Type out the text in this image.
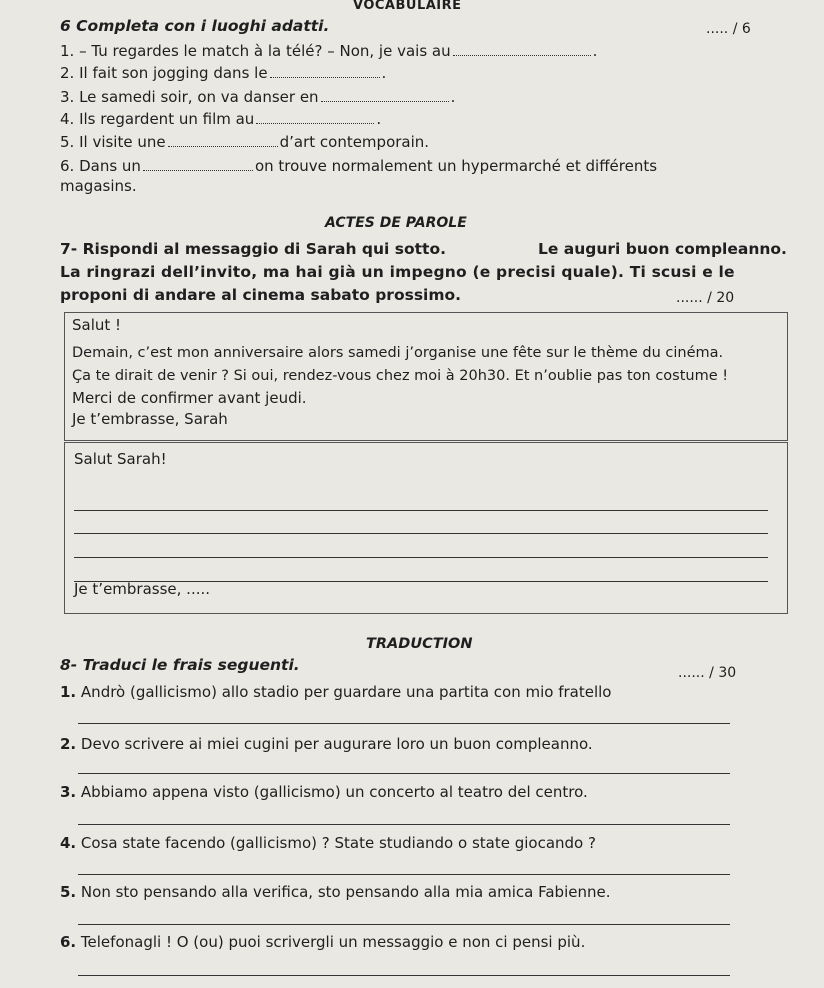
VOCABULAIRE
6 Completa con i luoghi adatti.	..... / 6
1. – Tu regardes le match à la télé? – Non, je vais au	.
2. Il fait son jogging dans le	.
3. Le samedi soir, on va danser en	.
4. Ils regardent un film au	.
5. Il visite une	d’art contemporain.
6. Dans un	on trouve normalement un hypermarché et différents
magasins.
ACTES DE PAROLE
7- Rispondi al messaggio di Sarah qui sotto.	Le auguri buon compleanno.
La ringrazi dell’invito, ma hai già un impegno (e precisi quale). Ti scusi e le
proponi di andare al cinema sabato prossimo.	...... / 20
Salut !
Demain, c’est mon anniversaire alors samedi j’organise une fête sur le thème du cinéma.
Ça te dirait de venir ? Si oui, rendez-vous chez moi à 20h30. Et n’oublie pas ton costume !
Merci de confirmer avant jeudi.
Je t’embrasse, Sarah
Salut Sarah!
Je t’embrasse, .....
TRADUCTION
8- Traduci le frais seguenti.	...... / 30
1. Andrò (gallicismo) allo stadio per guardare una partita con mio fratello
2. Devo scrivere ai miei cugini per augurare loro un buon compleanno.
3. Abbiamo appena visto (gallicismo) un concerto al teatro del centro.
4. Cosa state facendo (gallicismo) ? State studiando o state giocando ?
5. Non sto pensando alla verifica, sto pensando alla mia amica Fabienne.
6. Telefonagli ! O (ou) puoi scrivergli un messaggio e non ci pensi più.
